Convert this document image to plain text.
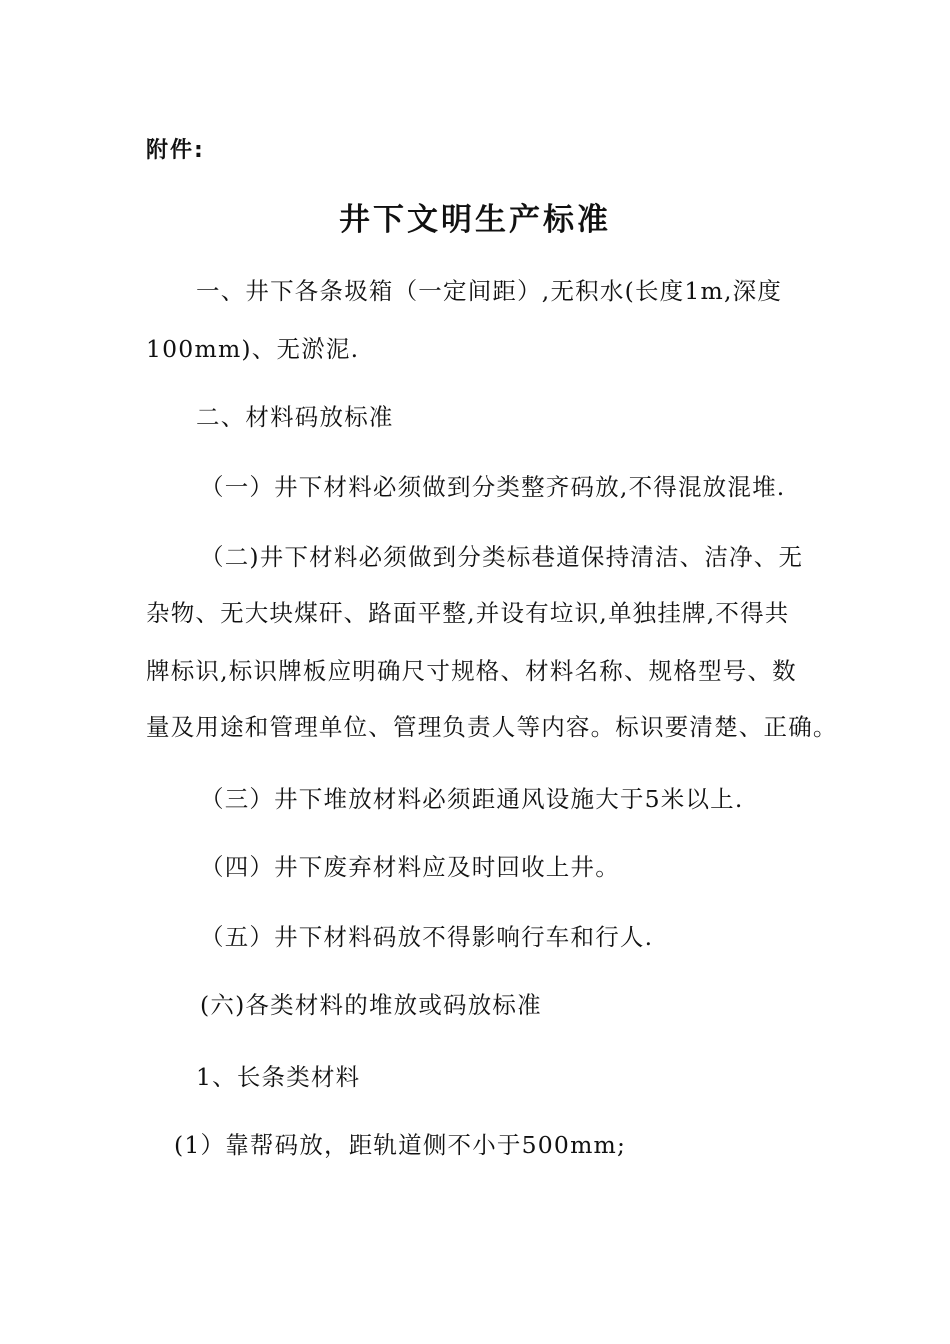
附件:
井下文明生产标准
一、井下各条圾箱（一定间距）,无积水(长度1m,深度
100mm)、无淤泥.
二、材料码放标准
（一）井下材料必须做到分类整齐码放,不得混放混堆.
（二)井下材料必须做到分类标巷道保持清洁、洁净、无
杂物、无大块煤矸、路面平整,并设有垃识,单独挂牌,不得共
牌标识,标识牌板应明确尺寸规格、材料名称、规格型号、数
量及用途和管理单位、管理负责人等内容。标识要清楚、正确。
（三）井下堆放材料必须距通风设施大于5米以上.
（四）井下废弃材料应及时回收上井。
（五）井下材料码放不得影响行车和行人.
(六)各类材料的堆放或码放标准
1、长条类材料
(1）靠帮码放，距轨道侧不小于500mm;
